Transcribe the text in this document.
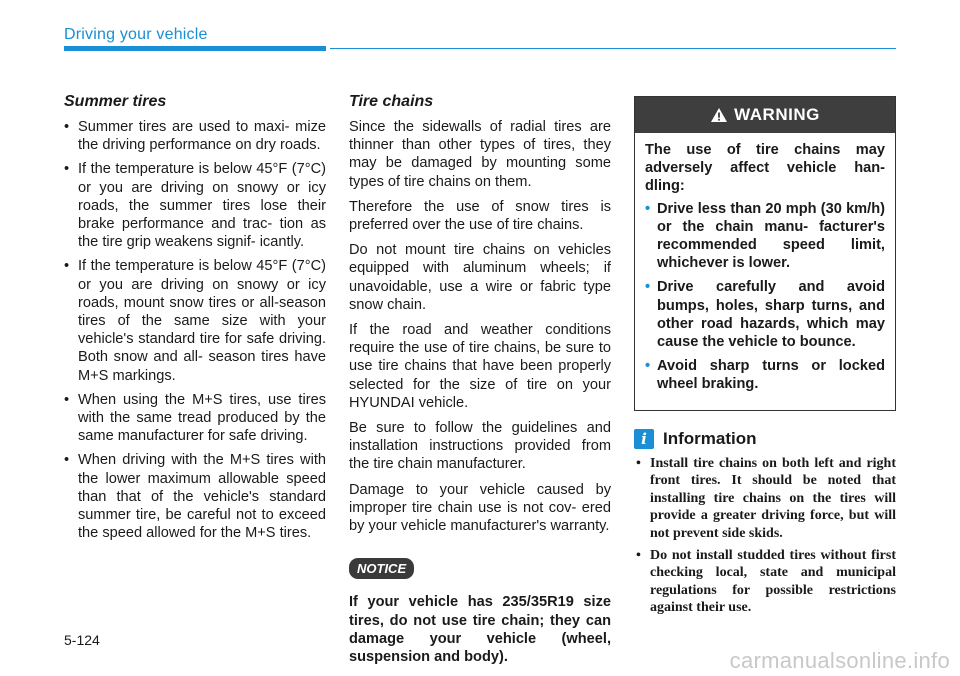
Driving your vehicle
Summer tires
• Summer tires are used to maxi- mize the driving performance on dry roads.
• If the temperature is below 45°F (7°C) or you are driving on snowy or icy roads, the summer tires lose their brake performance and trac- tion as the tire grip weakens signif- icantly.
• If the temperature is below 45°F (7°C) or you are driving on snowy or icy roads, mount snow tires or all-season tires of the same size with your vehicle's standard tire for safe driving. Both snow and all- season tires have M+S markings.
• When using the M+S tires, use tires with the same tread produced by the same manufacturer for safe driving.
• When driving with the M+S tires with the lower maximum allowable speed than that of the vehicle's standard summer tire, be careful not to exceed the speed allowed for the M+S tires.
Tire chains

Since the sidewalls of radial tires are thinner than other types of tires, they may be damaged by mounting some types of tire chains on them.

Therefore the use of snow tires is preferred over the use of tire chains.

Do not mount tire chains on vehicles equipped with aluminum wheels; if unavoidable, use a wire or fabric type snow chain.

If the road and weather conditions require the use of tire chains, be sure to use tire chains that have been properly selected for the size of tire on your HYUNDAI vehicle.

Be sure to follow the guidelines and installation instructions provided from the tire chain manufacturer.

Damage to your vehicle caused by improper tire chain use is not cov- ered by your vehicle manufacturer's warranty.

NOTICE

If your vehicle has 235/35R19 size tires, do not use tire chain; they can damage your vehicle (wheel, suspension and body).

WARNING

The use of tire chains may adversely affect vehicle han- dling:

• Drive less than 20 mph (30 km/h) or the chain manu- facturer's recommended speed limit, whichever is lower.
• Drive carefully and avoid bumps, holes, sharp turns, and other road hazards, which may cause the vehicle to bounce.
• Avoid sharp turns or locked wheel braking.
i Information
• Install tire chains on both left and right front tires. It should be noted that installing tire chains on the tires will provide a greater driving force, but will not prevent side skids.
• Do not install studded tires without first checking local, state and municipal regulations for possible restrictions against their use.
5-124
carmanualsonline.info
